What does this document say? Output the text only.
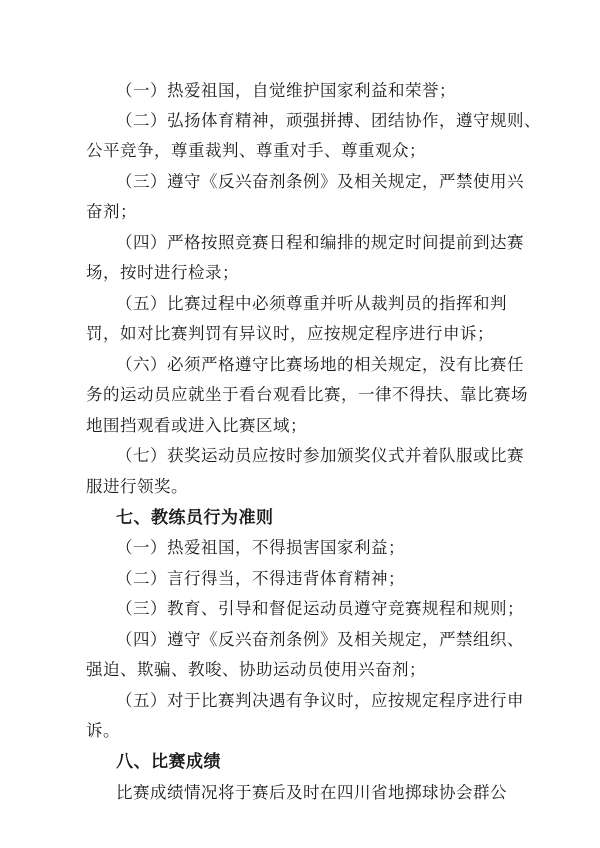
（一）热爱祖国，自觉维护国家利益和荣誉；
（二）弘扬体育精神，顽强拼搏、团结协作，遵守规则、
公平竞争，尊重裁判、尊重对手、尊重观众；
（三）遵守《反兴奋剂条例》及相关规定，严禁使用兴
奋剂；
（四）严格按照竞赛日程和编排的规定时间提前到达赛
场，按时进行检录；
（五）比赛过程中必须尊重并听从裁判员的指挥和判
罚，如对比赛判罚有异议时，应按规定程序进行申诉；
（六）必须严格遵守比赛场地的相关规定，没有比赛任
务的运动员应就坐于看台观看比赛，一律不得扶、靠比赛场
地围挡观看或进入比赛区域；
（七）获奖运动员应按时参加颁奖仪式并着队服或比赛
服进行领奖。
七、教练员行为准则
（一）热爱祖国，不得损害国家利益；
（二）言行得当，不得违背体育精神；
（三）教育、引导和督促运动员遵守竞赛规程和规则；
（四）遵守《反兴奋剂条例》及相关规定，严禁组织、
强迫、欺骗、教唆、协助运动员使用兴奋剂；
（五）对于比赛判决遇有争议时，应按规定程序进行申
诉。
八、比赛成绩
比赛成绩情况将于赛后及时在四川省地掷球协会群公
